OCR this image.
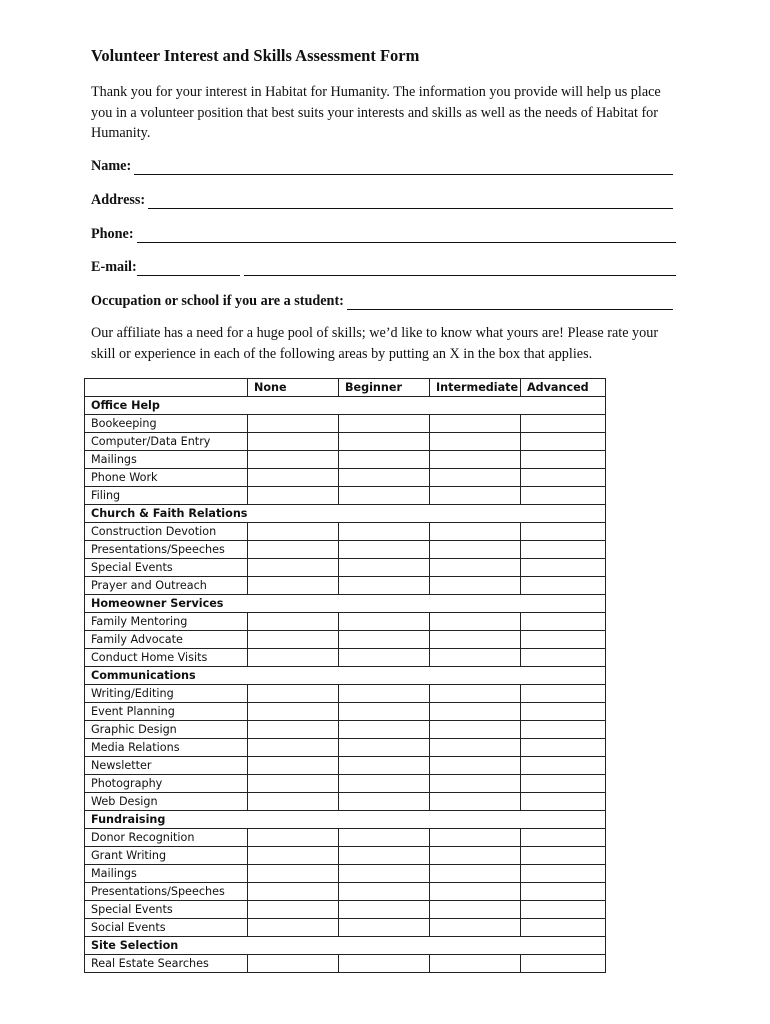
Volunteer Interest and Skills Assessment Form
Thank you for your interest in Habitat for Humanity. The information you provide will help us place you in a volunteer position that best suits your interests and skills as well as the needs of Habitat for Humanity.
Name:
Address:
Phone:
E-mail:
Occupation or school if you are a student:
Our affiliate has a need for a huge pool of skills; we’d like to know what yours are! Please rate your skill or experience in each of the following areas by putting an X in the box that applies.
	None	Beginner	Intermediate	Advanced
Office Help				
Bookeeping				
Computer/Data Entry				
Mailings				
Phone Work				
Filing				
Church & Faith Relations				
Construction Devotion				
Presentations/Speeches				
Special Events				
Prayer and Outreach				
Homeowner Services				
Family Mentoring				
Family Advocate				
Conduct Home Visits				
Communications				
Writing/Editing				
Event Planning				
Graphic Design				
Media Relations				
Newsletter				
Photography				
Web Design				
Fundraising				
Donor Recognition				
Grant Writing				
Mailings				
Presentations/Speeches				
Special Events				
Social Events				
Site Selection				
Real Estate Searches				
